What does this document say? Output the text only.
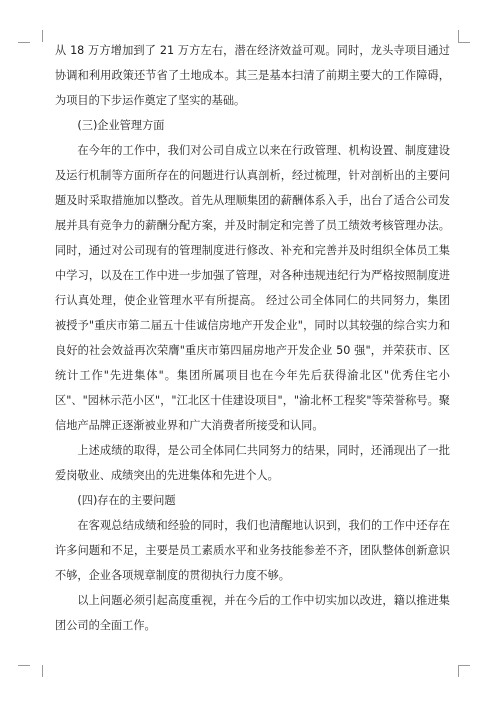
从 18 万方增加到了 21 万方左右，潜在经济效益可观。同时，龙头寺项目通过协调和利用政策还节省了土地成本。其三是基本扫清了前期主要大的工作障碍，为项目的下步运作奠定了坚实的基础。

(三)企业管理方面

在今年的工作中，我们对公司自成立以来在行政管理、机构设置、制度建设及运行机制等方面所存在的问题进行认真剖析，经过梳理，针对剖析出的主要问题及时采取措施加以整改。首先从理顺集团的薪酬体系入手，出台了适合公司发展并具有竞争力的薪酬分配方案，并及时制定和完善了员工绩效考核管理办法。同时，通过对公司现有的管理制度进行修改、补充和完善并及时组织全体员工集中学习，以及在工作中进一步加强了管理，对各种违规违纪行为严格按照制度进行认真处理，使企业管理水平有所提高。 经过公司全体同仁的共同努力，集团被授予"重庆市第二届五十佳诚信房地产开发企业"，同时以其较强的综合实力和良好的社会效益再次荣膺"重庆市第四届房地产开发企业 50 强"，并荣获市、区统计工作"先进集体"。集团所属项目也在今年先后获得渝北区"优秀住宅小区"、"园林示范小区"，"江北区十佳建设项目"，"渝北杯工程奖"等荣誉称号。聚信地产品牌正逐渐被业界和广大消费者所接受和认同。

上述成绩的取得，是公司全体同仁共同努力的结果，同时，还涌现出了一批爱岗敬业、成绩突出的先进集体和先进个人。

(四)存在的主要问题

在客观总结成绩和经验的同时，我们也清醒地认识到，我们的工作中还存在许多问题和不足，主要是员工素质水平和业务技能参差不齐，团队整体创新意识不够，企业各项规章制度的贯彻执行力度不够。

以上问题必须引起高度重视，并在今后的工作中切实加以改进，籍以推进集团公司的全面工作。
